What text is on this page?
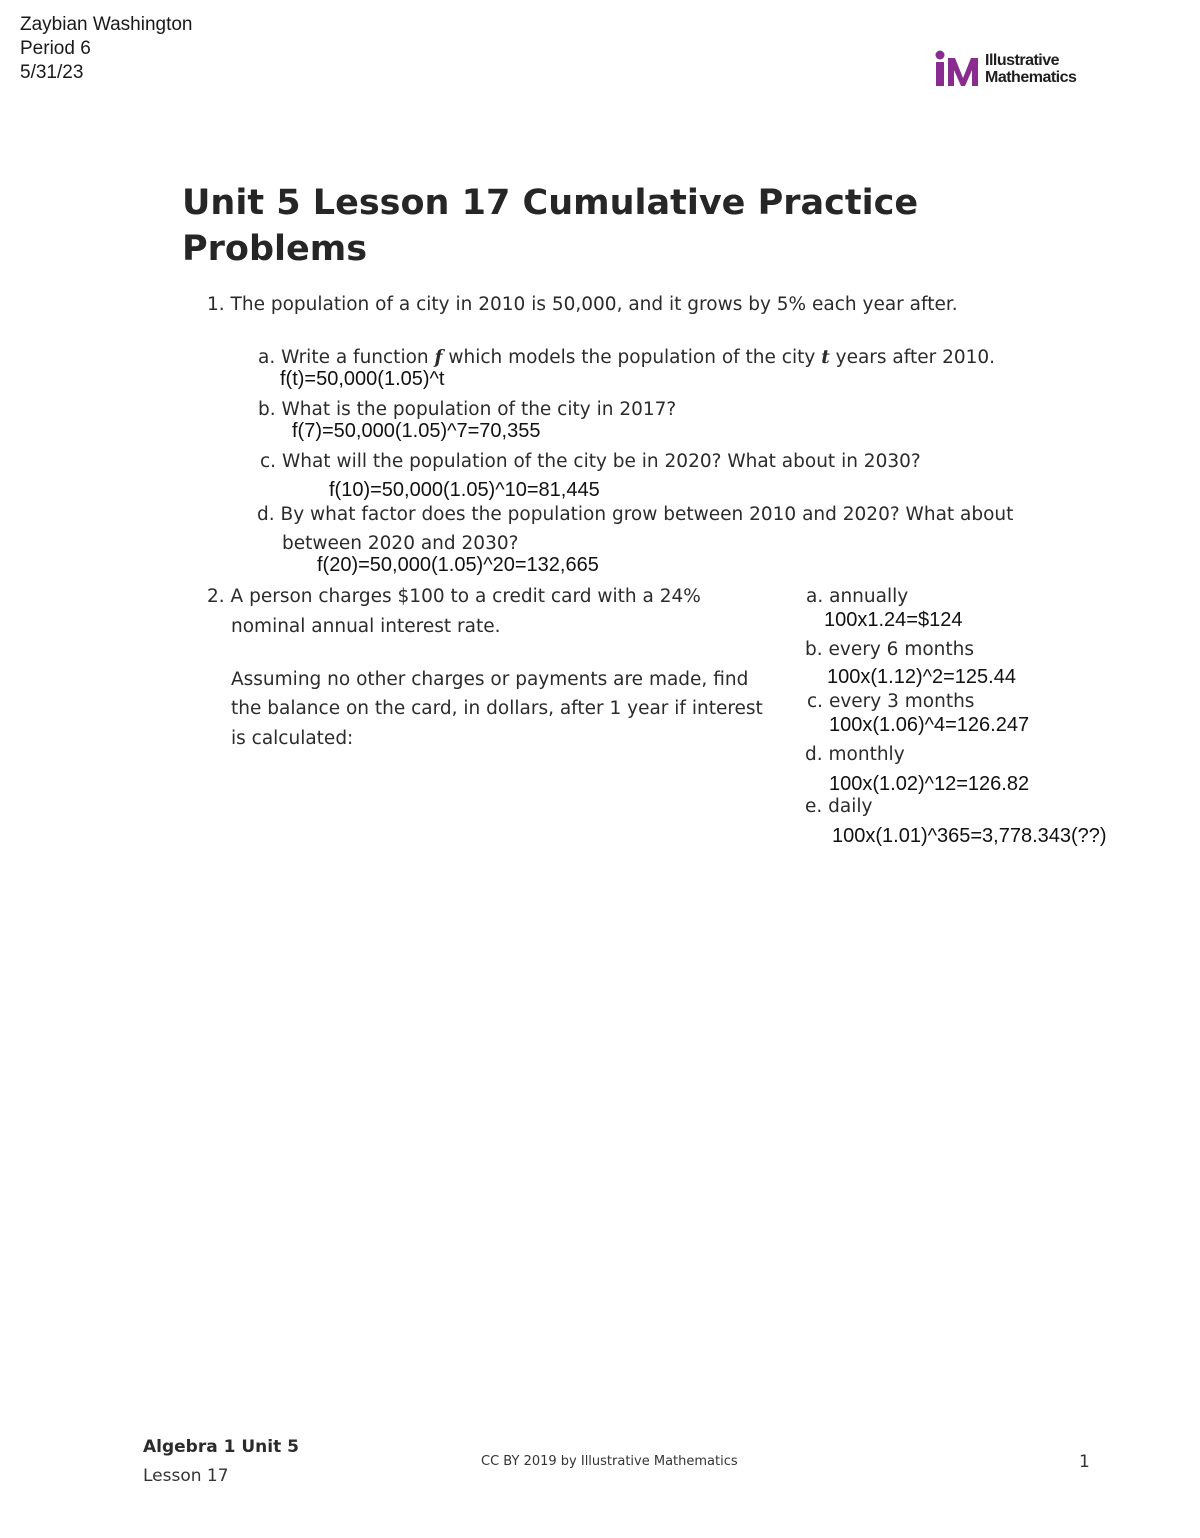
Zaybian Washington
Period 6
5/31/23
Illustrative
Mathematics
Unit 5 Lesson 17 Cumulative Practice Problems
1. The population of a city in 2010 is 50,000, and it grows by 5% each year after.
a. Write a function f which models the population of the city t years after 2010.
f(t)=50,000(1.05)^t
b. What is the population of the city in 2017?
f(7)=50,000(1.05)^7=70,355
c. What will the population of the city be in 2020? What about in 2030?
f(10)=50,000(1.05)^10=81,445
d. By what factor does the population grow between 2010 and 2020? What about
between 2020 and 2030?
f(20)=50,000(1.05)^20=132,665
2. A person charges $100 to a credit card with a 24%
nominal annual interest rate.
Assuming no other charges or payments are made, find
the balance on the card, in dollars, after 1 year if interest
is calculated:
a. annually
100x1.24=$124
b. every 6 months
100x(1.12)^2=125.44
c. every 3 months
100x(1.06)^4=126.247
d. monthly
100x(1.02)^12=126.82
e. daily
100x(1.01)^365=3,778.343(??)
Algebra 1 Unit 5
Lesson 17
CC BY 2019 by Illustrative Mathematics	1
